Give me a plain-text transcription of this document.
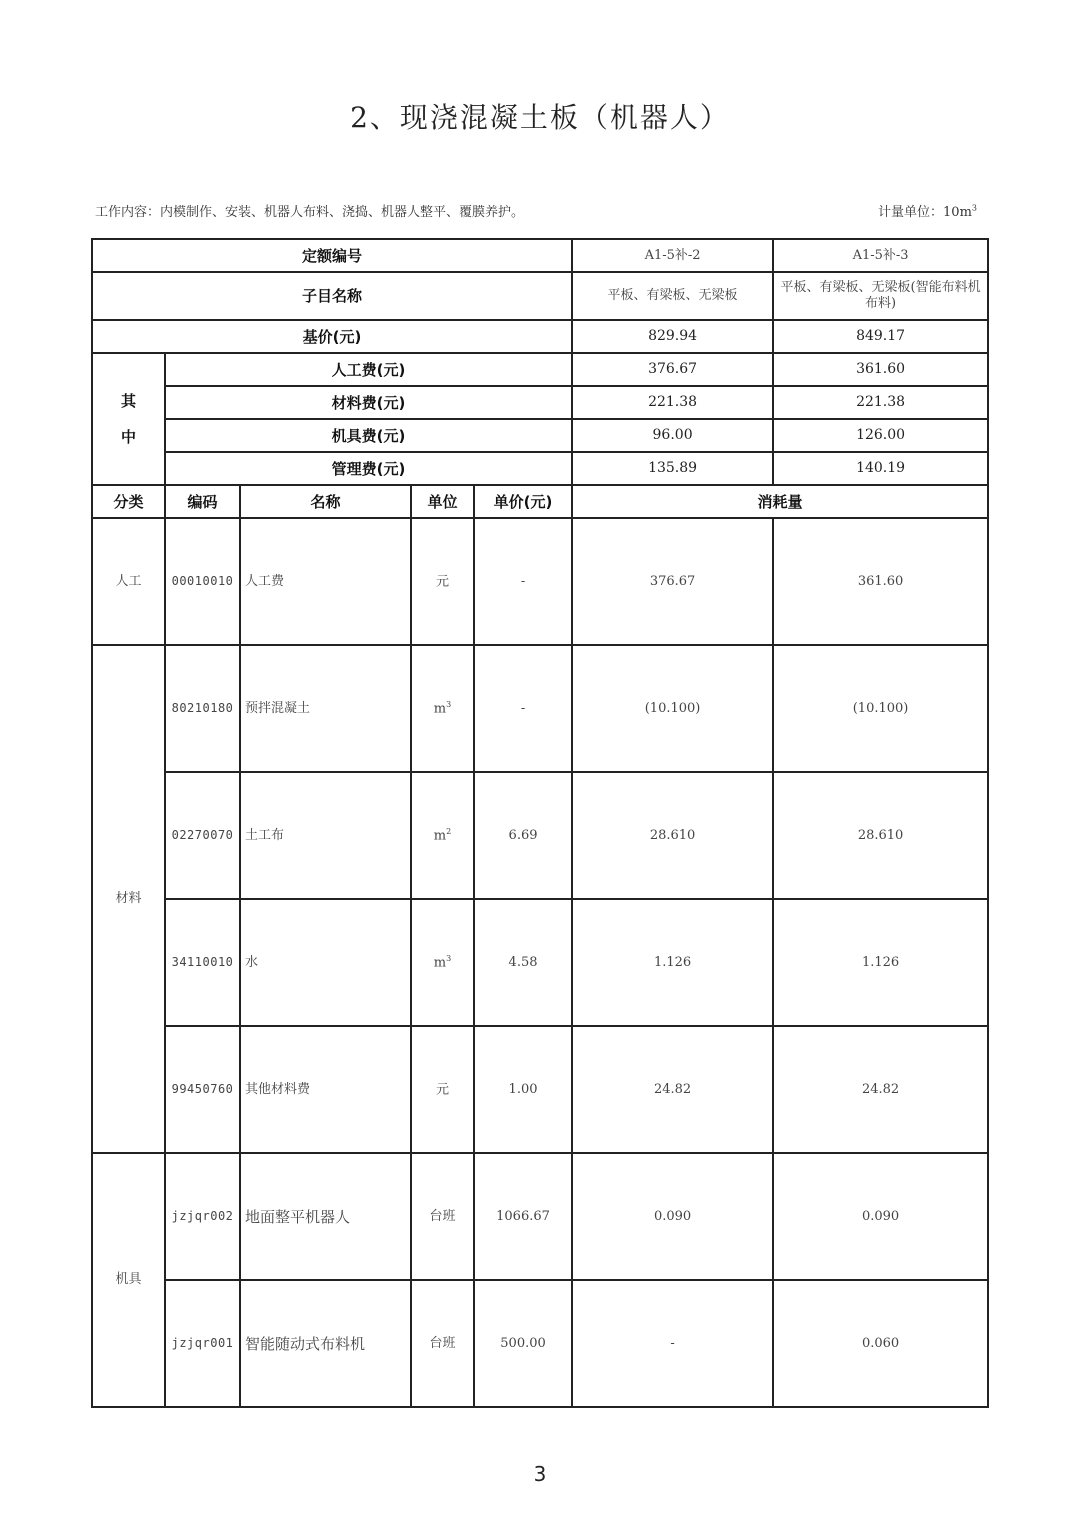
2、现浇混凝土板（机器人）
工作内容：内模制作、安装、机器人布料、浇捣、机器人整平、覆膜养护。	计量单位：$10m^3$
定额编号					A1-5补-2	A1-5补-3
子目名称					平板、有梁板、无梁板	平板、有梁板、无梁板(智能布料机布料)
基价(元)					829.94	849.17

其
中	人工费(元)				376.67	361.60
	材料费(元)				221.38	221.38
	机具费(元)				96.00	126.00
	管理费(元)				135.89	140.19
分类	编码	名称	单位	单价(元)	消耗量	
人工	00010010	人工费	元	-	376.67	361.60
材料	80210180	预拌混凝土	$m^3$	-	(10.100)	(10.100)
	02270070	土工布	$m^2$	6.69	28.610	28.610
	34110010	水	$m^3$	4.58	1.126	1.126
	99450760	其他材料费	元	1.00	24.82	24.82
机具	jzjqr002	地面整平机器人	台班	1066.67	0.090	0.090
	jzjqr001	智能随动式布料机	台班	500.00	-	0.060
3
